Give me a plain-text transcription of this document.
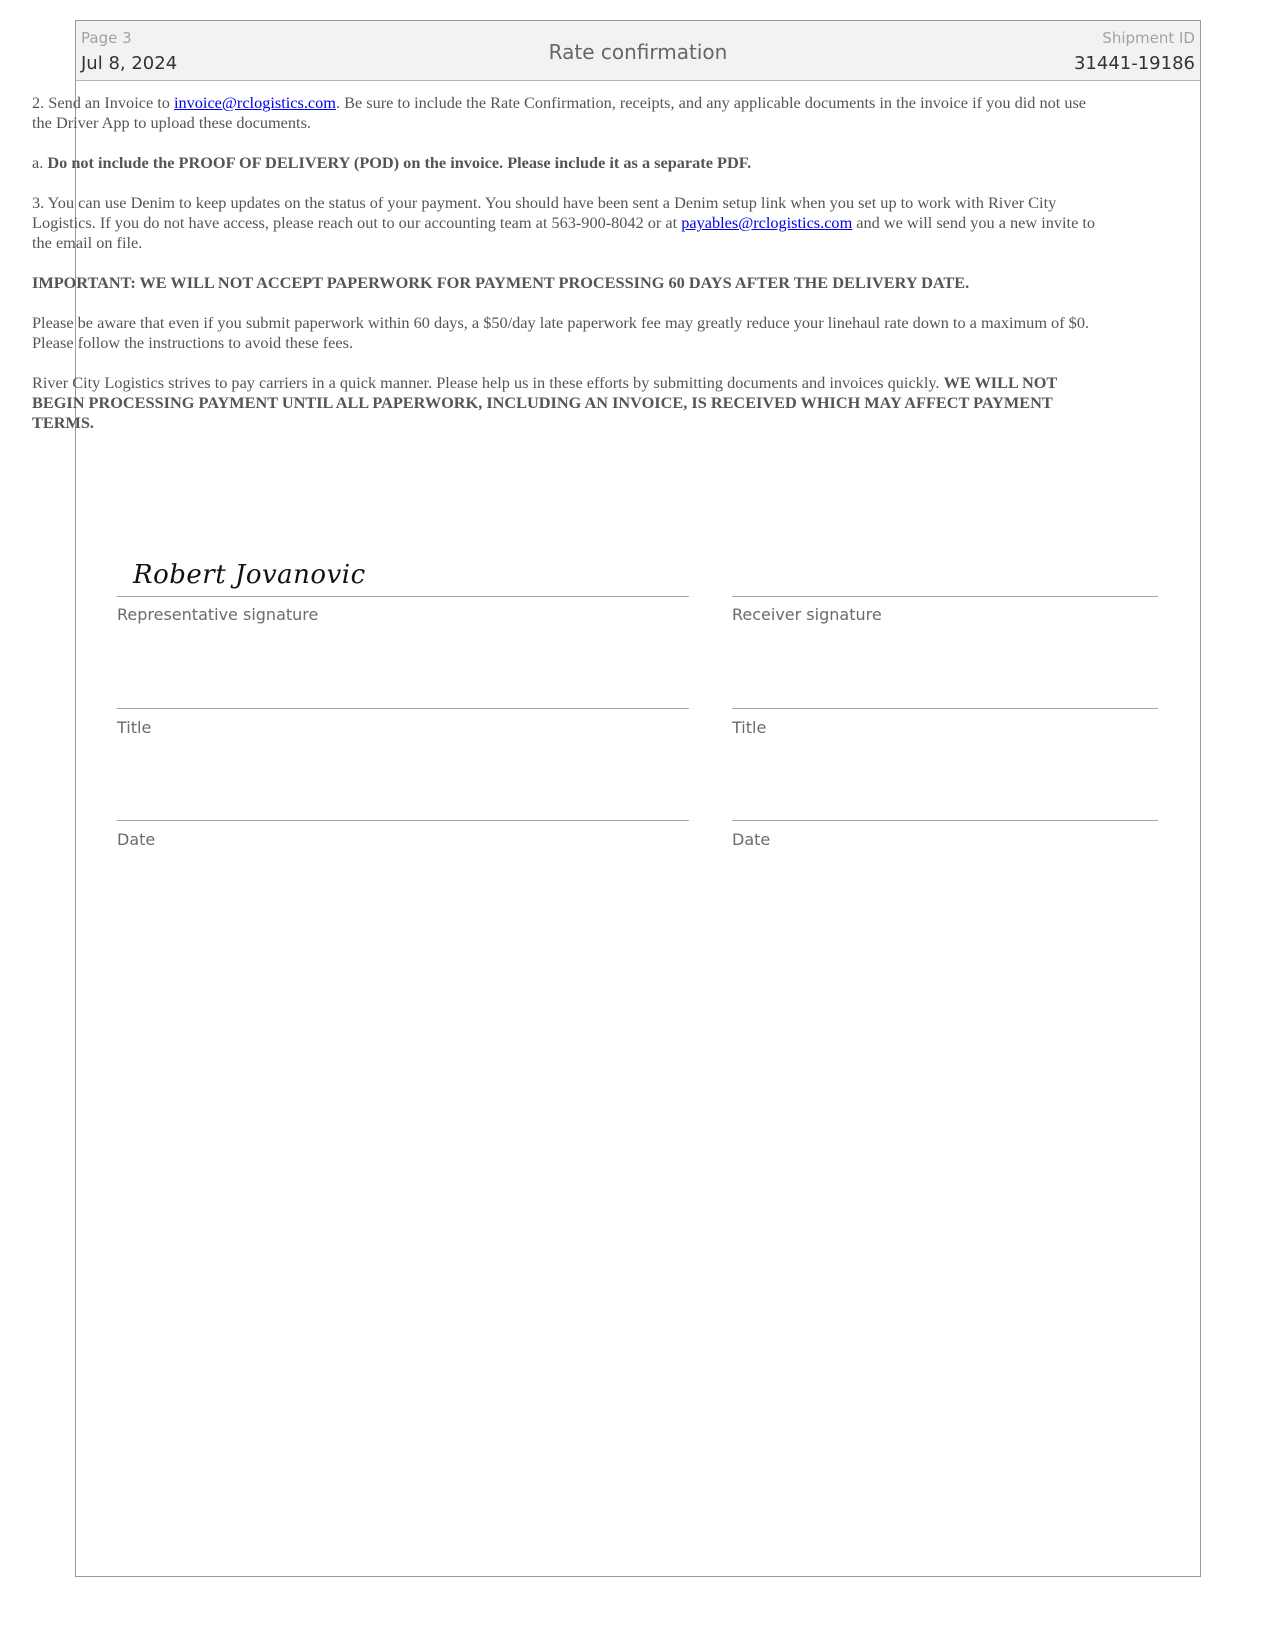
Page 3
Jul 8, 2024	Rate confirmation
Shipment ID
31441-19186

2. Send an Invoice to invoice@rclogistics.com. Be sure to include the Rate Confirmation, receipts, and any applicable documents in the invoice if you did not use the Driver App to upload these documents.

a. Do not include the PROOF OF DELIVERY (POD) on the invoice. Please include it as a separate PDF.

3. You can use Denim to keep updates on the status of your payment. You should have been sent a Denim setup link when you set up to work with River City Logistics. If you do not have access, please reach out to our accounting team at 563-900-8042 or at payables@rclogistics.com and we will send you a new invite to the email on file.

IMPORTANT: WE WILL NOT ACCEPT PAPERWORK FOR PAYMENT PROCESSING 60 DAYS AFTER THE DELIVERY DATE.

Please be aware that even if you submit paperwork within 60 days, a $50/day late paperwork fee may greatly reduce your linehaul rate down to a maximum of $0. Please follow the instructions to avoid these fees.

River City Logistics strives to pay carriers in a quick manner. Please help us in these efforts by submitting documents and invoices quickly. WE WILL NOT BEGIN PROCESSING PAYMENT UNTIL ALL PAPERWORK, INCLUDING AN INVOICE, IS RECEIVED WHICH MAY AFFECT PAYMENT TERMS.

Robert Jovanovic
Representative signature	Receiver signature
Title	Title
Date	Date
